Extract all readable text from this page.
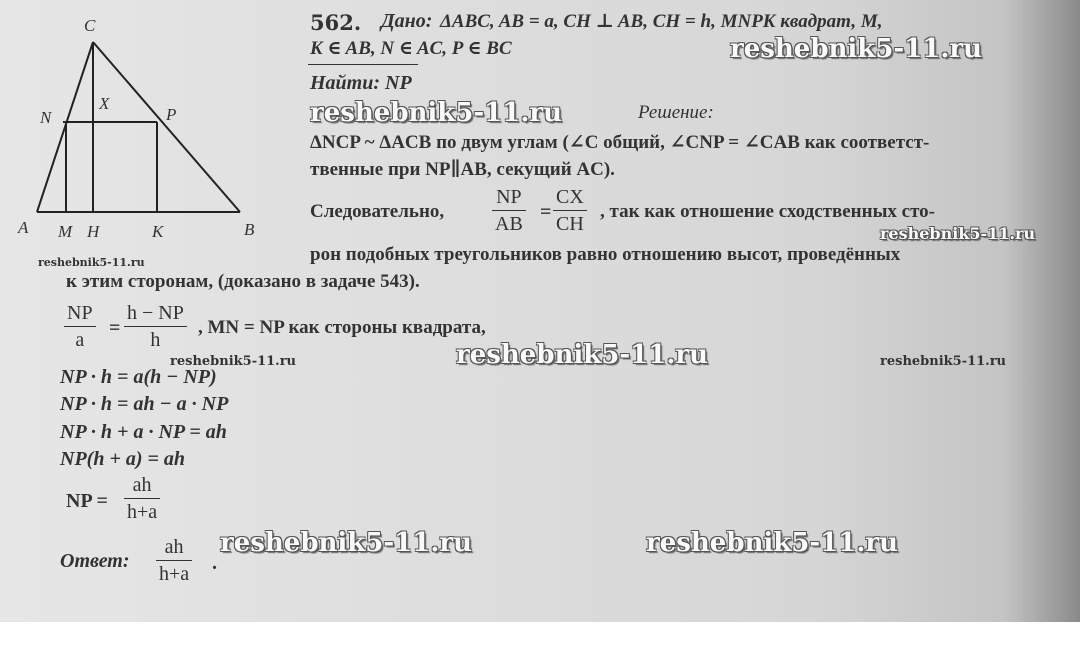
C
N
X
P
A M H	K	B
562. Дано: ΔABC, AB = a, CH ⊥ AB, CH = h, MNPK квадрат, M,
K ∈ AB, N ∈ AC, P ∈ BC
Найти: NP
Решение:
ΔNCP ~ ΔACB по двум углам (∠C общий, ∠CNP = ∠CAB как соответст-
твенные при NP∥AB, секущий AC).
Следовательно,
NP
AB
=
CX
CH
, так как отношение сходственных сто-
рон подобных треугольников равно отношению высот, проведённых
к этим сторонам, (доказано в задаче 543).
NP
a
=
h − NP
h
, MN = NP как стороны квадрата,
NP · h = a(h − NP)
NP · h = ah − a · NP
NP · h + a · NP = ah
NP(h + a) = ah
NP =
ah
h+a
Ответ:
ah
h+a .
reshebnik5-11.ru
reshebnik5-11.ru
reshebnik5-11.ru
reshebnik5-11.ru
reshebnik5-11.ru	reshebnik5-11.ru	reshebnik5-11.ru
reshebnik5-11.ru	reshebnik5-11.ru
